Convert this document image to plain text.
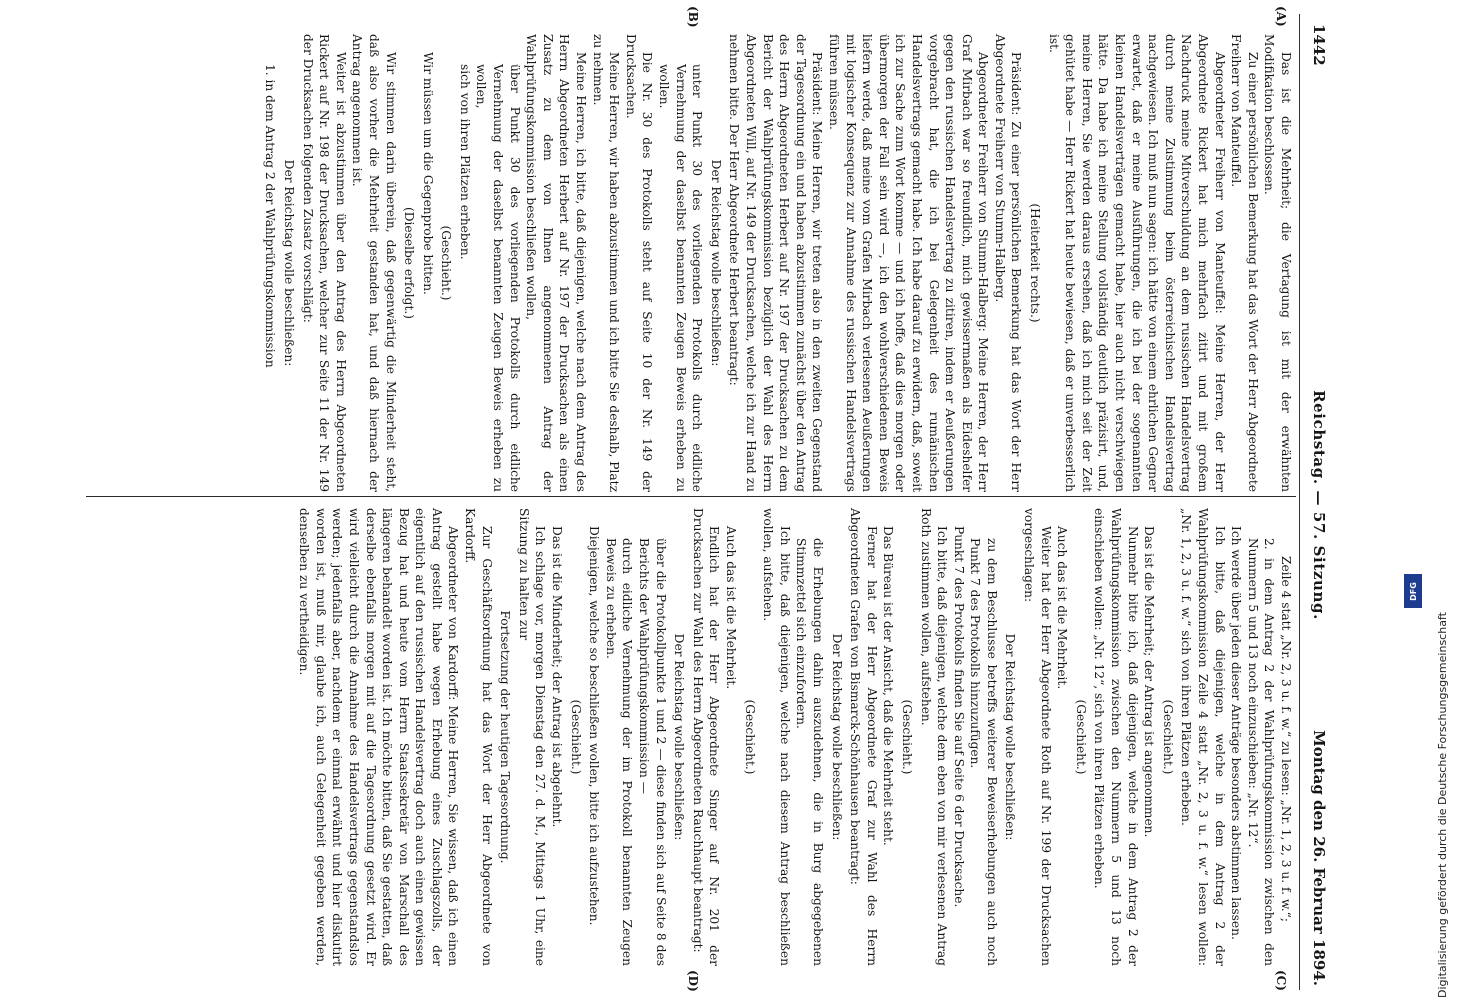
1442
Reichstag. — 57. Sitzung.
Montag den 26. Februar 1894.
(A)
(B)
(C)
(D)

Das ist die Mehrheit; die Vertagung ist mit der erwähnten Modifikation beschlossen.

Zu einer persönlichen Bemerkung hat das Wort der Herr Abgeordnete Freiherr von Manteuffel.

Abgeordneter Freiherr von Manteuffel: Meine Herren, der Herr Abgeordnete Rickert hat mich mehrfach zitirt und mit großem Nachdruck meine Mitverschuldung an dem russischen Handelsvertrag durch meine Zustimmung beim österreichischen Handelsvertrag nachgewiesen. Ich muß nun sagen: ich hätte von einem ehrlichen Gegner erwartet, daß er meine Ausführungen, die ich bei der sogenannten kleinen Handelsverträgen gemacht habe, hier auch nicht verschwiegen hätte. Da habe ich meine Stellung vollständig deutlich präzisirt, und, meine Herren, Sie werden daraus ersehen, daß ich mich seit der Zeit gehütet habe — Herr Rickert hat heute bewiesen, daß er unverbesserlich ist.

(Heiterkeit rechts.)

Präsident: Zu einer persönlichen Bemerkung hat das Wort der Herr Abgeordnete Freiherr von Stumm-Halberg.

Abgeordneter Freiherr von Stumm-Halberg: Meine Herren, der Herr Graf Mirbach war so freundlich, mich gewissermaßen als Eideshelfer gegen den russischen Handelsvertrag zu zitiren, indem er Aeußerungen vorgebracht hat, die ich bei Gelegenheit des rumänischen Handelsvertrags gemacht habe. Ich habe darauf zu erwidern, daß, soweit ich zur Sache zum Wort komme — und ich hoffe, daß dies morgen oder übermorgen der Fall sein wird —, ich den wohlverschiedenen Beweis liefern werde, daß meine vom Grafen Mirbach verlesenen Aeußerungen mit logischer Konsequenz zur Annahme des russischen Handelsvertrags führen müssen.

Präsident: Meine Herren, wir treten also in den zweiten Gegenstand der Tagesordnung ein und haben abzustimmen zunächst über den Antrag des Herrn Abgeordneten Herbert auf Nr. 197 der Drucksachen zu dem Bericht der Wahlprüfungskommission bezüglich der Wahl des Herrn Abgeordneten Will, auf Nr. 149 der Drucksachen, welche ich zur Hand zu nehmen bitte. Der Herr Abgeordnete Herbert beantragt:

Der Reichstag wolle beschließen:

unter Punkt 30 des vorliegenden Protokolls durch eidliche Vernehmung der daselbst benannten Zeugen Beweis erheben zu wollen.

Die Nr. 30 des Protokolls steht auf Seite 10 der Nr. 149 der Drucksachen.

Meine Herren, wir haben abzustimmen und ich bitte Sie deshalb, Platz zu nehmen.

Meine Herren, ich bitte, daß diejenigen, welche nach dem Antrag des Herrn Abgeordneten Herbert auf Nr. 197 der Drucksachen als einen Zusatz zu dem von Ihnen angenommenen Antrag der Wahlprüfungskommission beschließen wollen,

über Punkt 30 des vorliegenden Protokolls durch eidliche Vernehmung der daselbst benannten Zeugen Beweis erheben zu wollen,

sich von ihren Plätzen erheben.

(Geschieht.)

Wir müssen um die Gegenprobe bitten.

(Dieselbe erfolgt.)

Wir stimmen darin überein, daß gegenwärtig die Minderheit steht, daß also vorher die Mehrheit gestanden hat, und daß hiernach der Antrag angenommen ist.

Weiter ist abzustimmen über den Antrag des Herrn Abgeordneten Rickert auf Nr. 198 der Drucksachen, welcher zur Seite 11 der Nr. 149 der Drucksachen folgenden Zusatz vorschlägt:

Der Reichstag wolle beschließen:

1. in dem Antrag 2 der Wahlprüfungskommission

Zeile 4 statt „Nr. 2, 3 u. f. w.“ zu lesen: „Nr. 1, 2, 3 u. f. w.“;

2. in dem Antrag 2 der Wahlprüfungskommission zwischen den Nummern 5 und 13 noch einzuschieben: „Nr. 12“.

Ich werde über jeden dieser Anträge besonders abstimmen lassen.

Ich bitte, daß diejenigen, welche in dem Antrag 2 der Wahlprüfungskommission Zeile 4 statt „Nr. 2, 3 u. f. w.“ lesen wollen: „Nr. 1, 2, 3 u. f. w.“ sich von ihren Plätzen erheben.

(Geschieht.)

Das ist die Mehrheit; der Antrag ist angenommen.

Nunmehr bitte ich, daß diejenigen, welche in dem Antrag 2 der Wahlprüfungskommission zwischen den Nummern 5 und 13 noch einschieben wollen: „Nr. 12“, sich von ihren Plätzen erheben.

(Geschieht.)

Auch das ist die Mehrheit.

Weiter hat der Herr Abgeordnete Roth auf Nr. 199 der Drucksachen vorgeschlagen:

Der Reichstag wolle beschließen:

zu dem Beschlusse betreffs weiterer Beweiserhebungen auch noch Punkt 7 des Protokolls hinzuzufügen.

Punkt 7 des Protokolls finden Sie auf Seite 6 der Drucksache.

Ich bitte, daß diejenigen, welche dem eben von mir verlesenen Antrag Roth zustimmen wollen, aufstehen.

(Geschieht.)

Das Büreau ist der Ansicht, daß die Mehrheit steht.

Ferner hat der Herr Abgeordnete Graf zur Wahl des Herrn Abgeordneten Grafen von Bismarck-Schönhausen beantragt:

Der Reichstag wolle beschließen:

die Erhebungen dahin auszudehnen, die in Burg abgegebenen Stimmzettel sich einzufordern.

Ich bitte, daß diejenigen, welche nach diesem Antrag beschließen wollen, aufstehen.

(Geschieht.)

Auch das ist die Mehrheit.

Endlich hat der Herr Abgeordnete Singer auf Nr. 201 der Drucksachen zur Wahl des Herrn Abgeordneten Rauchhaupt beantragt:

Der Reichstag wolle beschließen:

über die Protokollpunkte 1 und 2 — diese finden sich auf Seite 8 des Berichts der Wahlprüfungskommission —

durch eidliche Vernehmung der im Protokoll benannten Zeugen Beweis zu erheben.

Diejenigen, welche so beschließen wollen, bitte ich aufzustehen.

(Geschieht.)

Das ist die Minderheit; der Antrag ist abgelehnt.

Ich schlage vor, morgen Dienstag den 27. d. M., Mittags 1 Uhr, eine Sitzung zu halten zur

Fortsetzung der heutigen Tagesordnung.

Zur Geschäftsordnung hat das Wort der Herr Abgeordnete von Kardorff.

Abgeordneter von Kardorff: Meine Herren, Sie wissen, daß ich einen Antrag gestellt habe wegen Erhebung eines Zuschlagszolls, der eigentlich auf den russischen Handelsvertrag doch auch einen gewissen Bezug hat und heute vom Herrn Staatssekretär von Marschall des längeren behandelt worden ist. Ich möchte bitten, daß Sie gestatten, daß derselbe ebenfalls morgen mit auf die Tagesordnung gesetzt wird. Er wird vielleicht durch die Annahme des Handelsvertrags gegenstandslos werden; jedenfalls aber, nachdem er einmal erwähnt und hier diskutirt worden ist, muß mir, glaube ich, auch Gelegenheit gegeben werden, denselben zu vertheidigen.

Digitalisierung gefördert durch die Deutsche Forschungsgemeinschaft
DFG
